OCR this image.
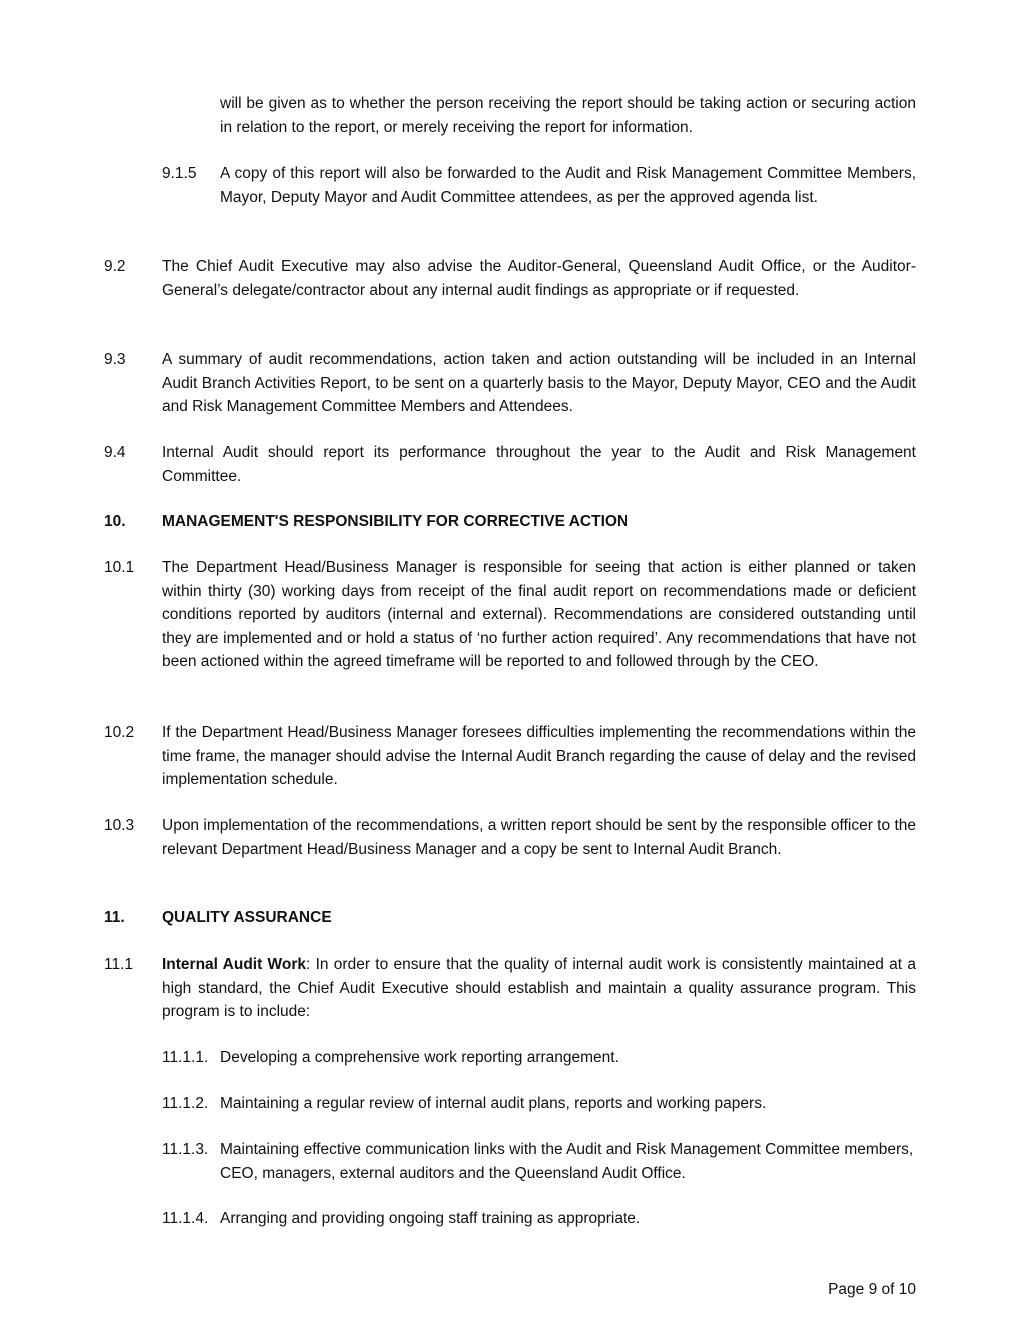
will be given as to whether the person receiving the report should be taking action or securing action in relation to the report, or merely receiving the report for information.
9.1.5	A copy of this report will also be forwarded to the Audit and Risk Management Committee Members, Mayor, Deputy Mayor and Audit Committee attendees, as per the approved agenda list.
9.2	The Chief Audit Executive may also advise the Auditor-General, Queensland Audit Office, or the Auditor-General’s delegate/contractor about any internal audit findings as appropriate or if requested.
9.3	A summary of audit recommendations, action taken and action outstanding will be included in an Internal Audit Branch Activities Report, to be sent on a quarterly basis to the Mayor, Deputy Mayor, CEO and the Audit and Risk Management Committee Members and Attendees.
9.4	Internal Audit should report its performance throughout the year to the Audit and Risk Management Committee.
10.	MANAGEMENT'S RESPONSIBILITY FOR CORRECTIVE ACTION
10.1	The Department Head/Business Manager is responsible for seeing that action is either planned or taken within thirty (30) working days from receipt of the final audit report on recommendations made or deficient conditions reported by auditors (internal and external). Recommendations are considered outstanding until they are implemented and or hold a status of ‘no further action required’. Any recommendations that have not been actioned within the agreed timeframe will be reported to and followed through by the CEO.
10.2	If the Department Head/Business Manager foresees difficulties implementing the recommendations within the time frame, the manager should advise the Internal Audit Branch regarding the cause of delay and the revised implementation schedule.
10.3	Upon implementation of the recommendations, a written report should be sent by the responsible officer to the relevant Department Head/Business Manager and a copy be sent to Internal Audit Branch.
11.	QUALITY ASSURANCE
11.1	Internal Audit Work: In order to ensure that the quality of internal audit work is consistently maintained at a high standard, the Chief Audit Executive should establish and maintain a quality assurance program. This program is to include:
11.1.1. Developing a comprehensive work reporting arrangement.
11.1.2. Maintaining a regular review of internal audit plans, reports and working papers.
11.1.3. Maintaining effective communication links with the Audit and Risk Management Committee members, CEO, managers, external auditors and the Queensland Audit Office.
11.1.4. Arranging and providing ongoing staff training as appropriate.
Page 9 of 10
